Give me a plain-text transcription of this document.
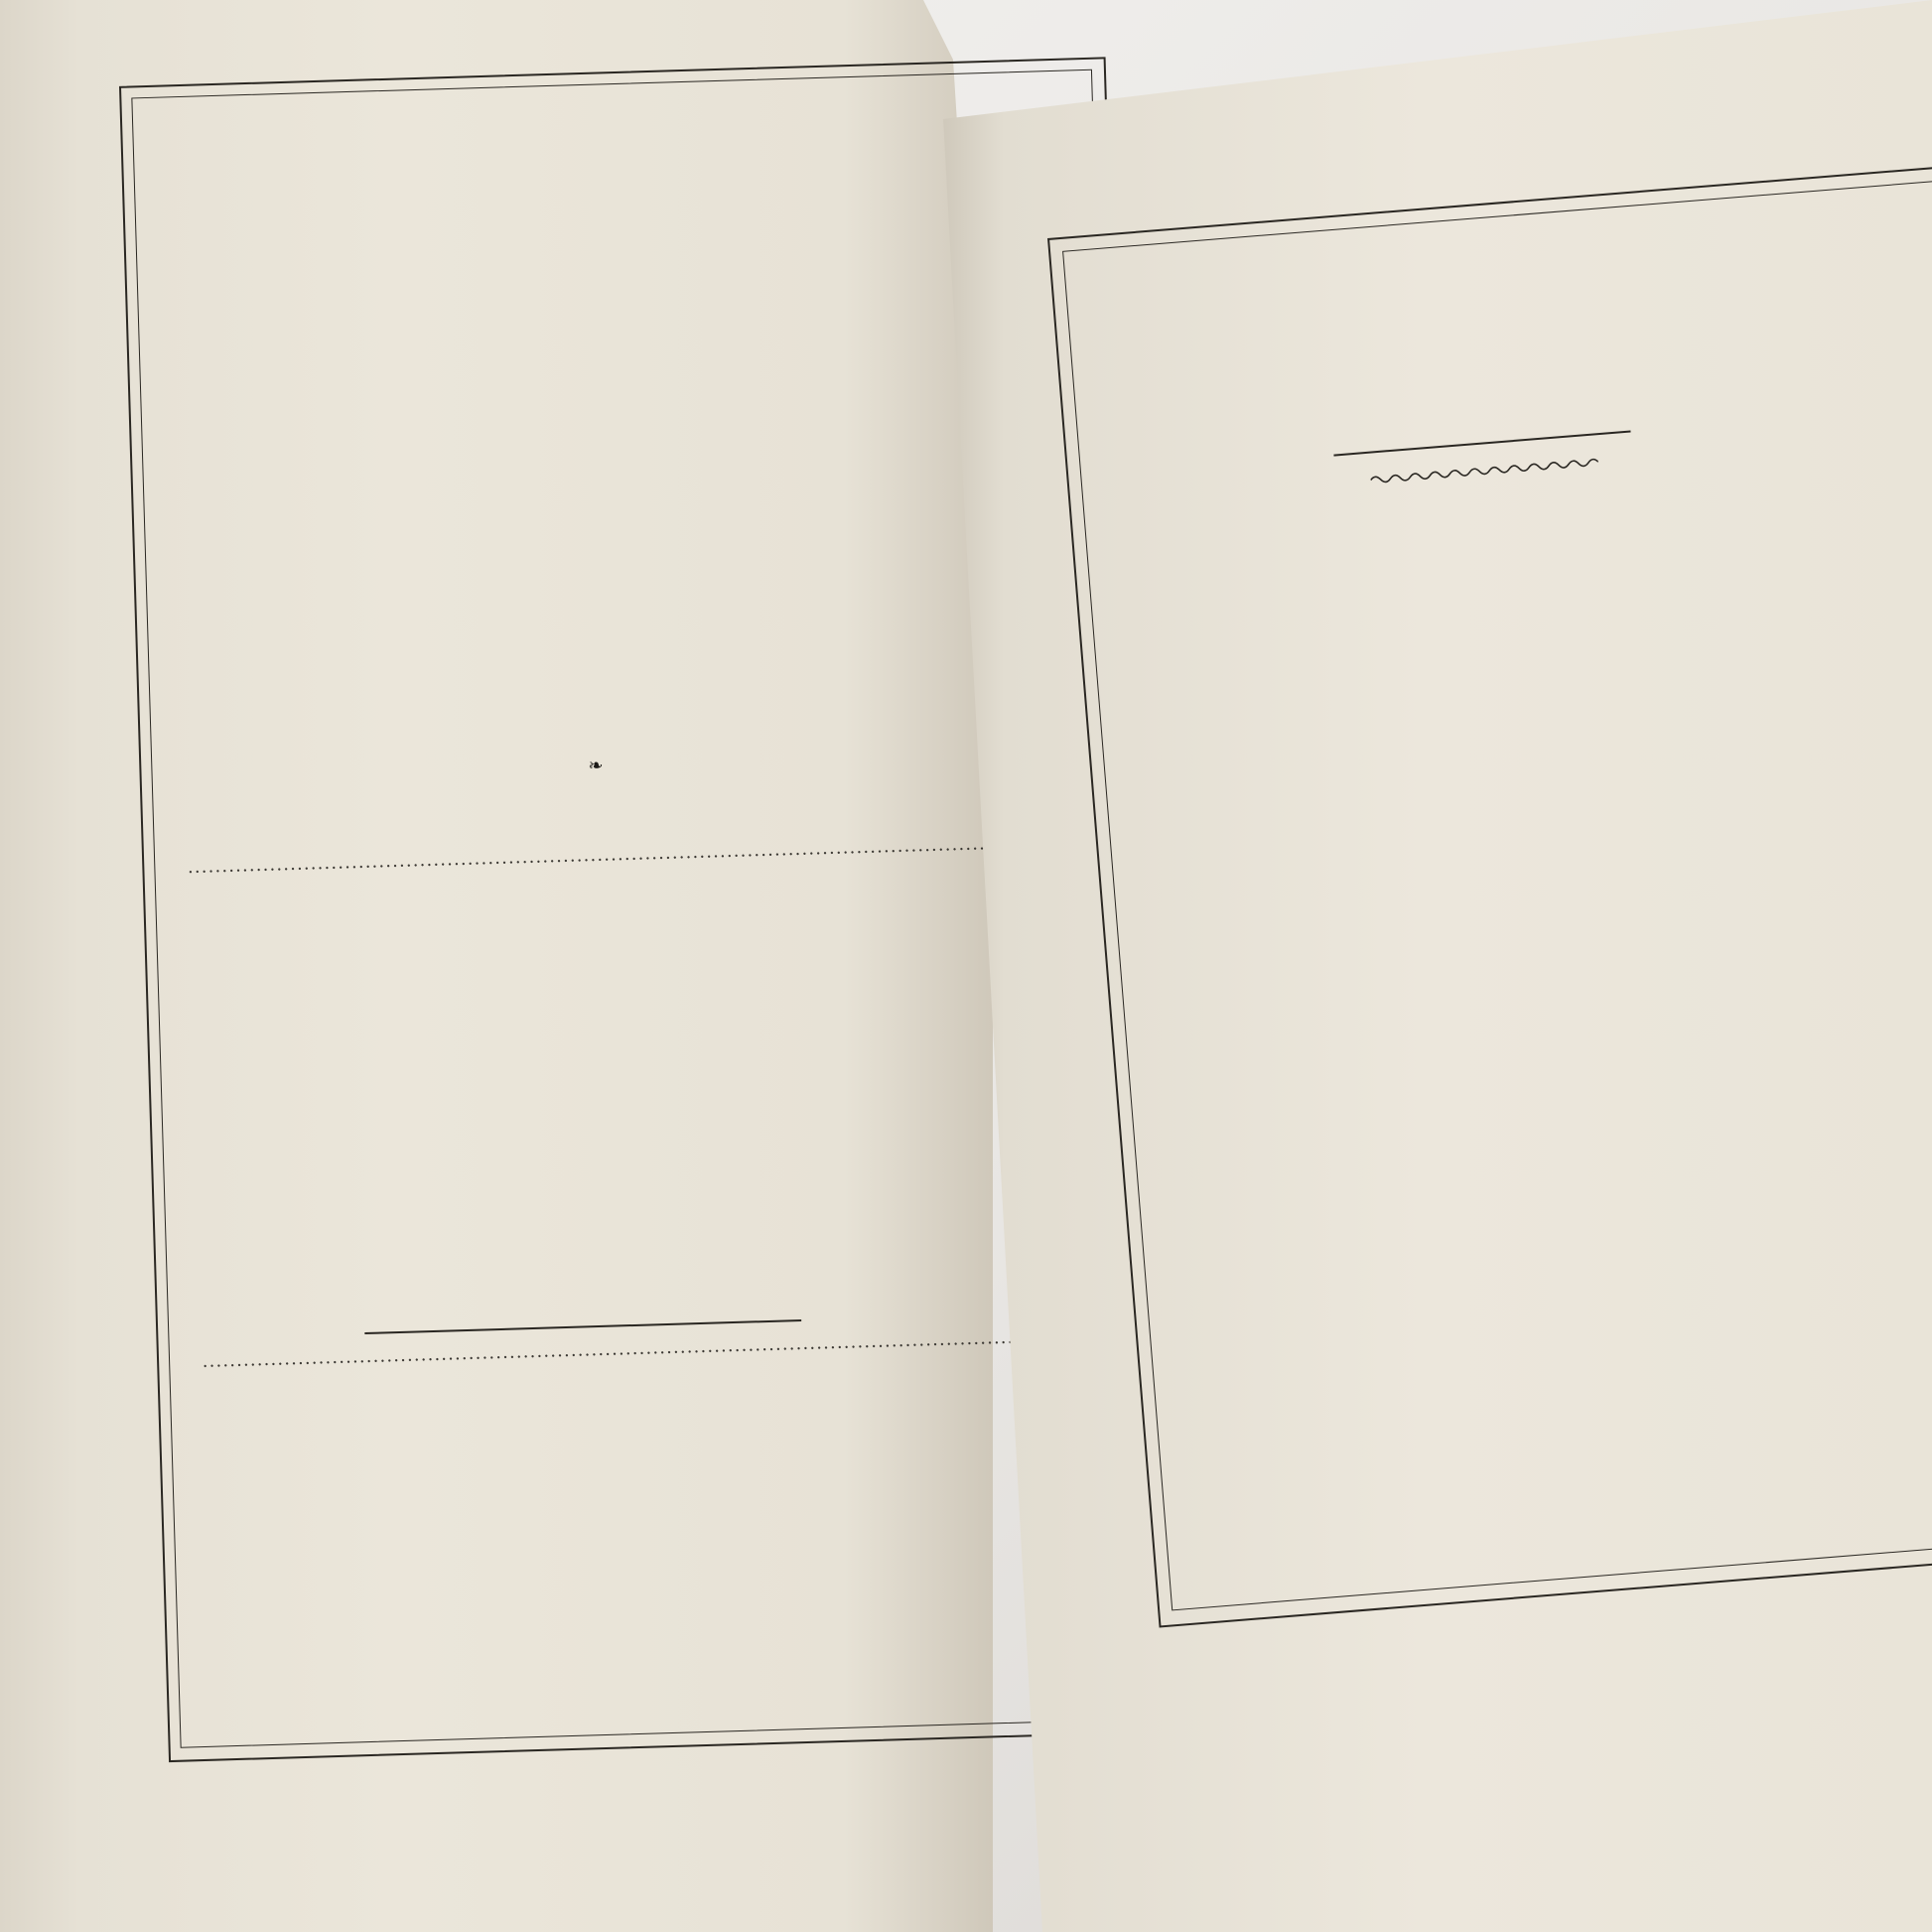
❧
.....
.....
